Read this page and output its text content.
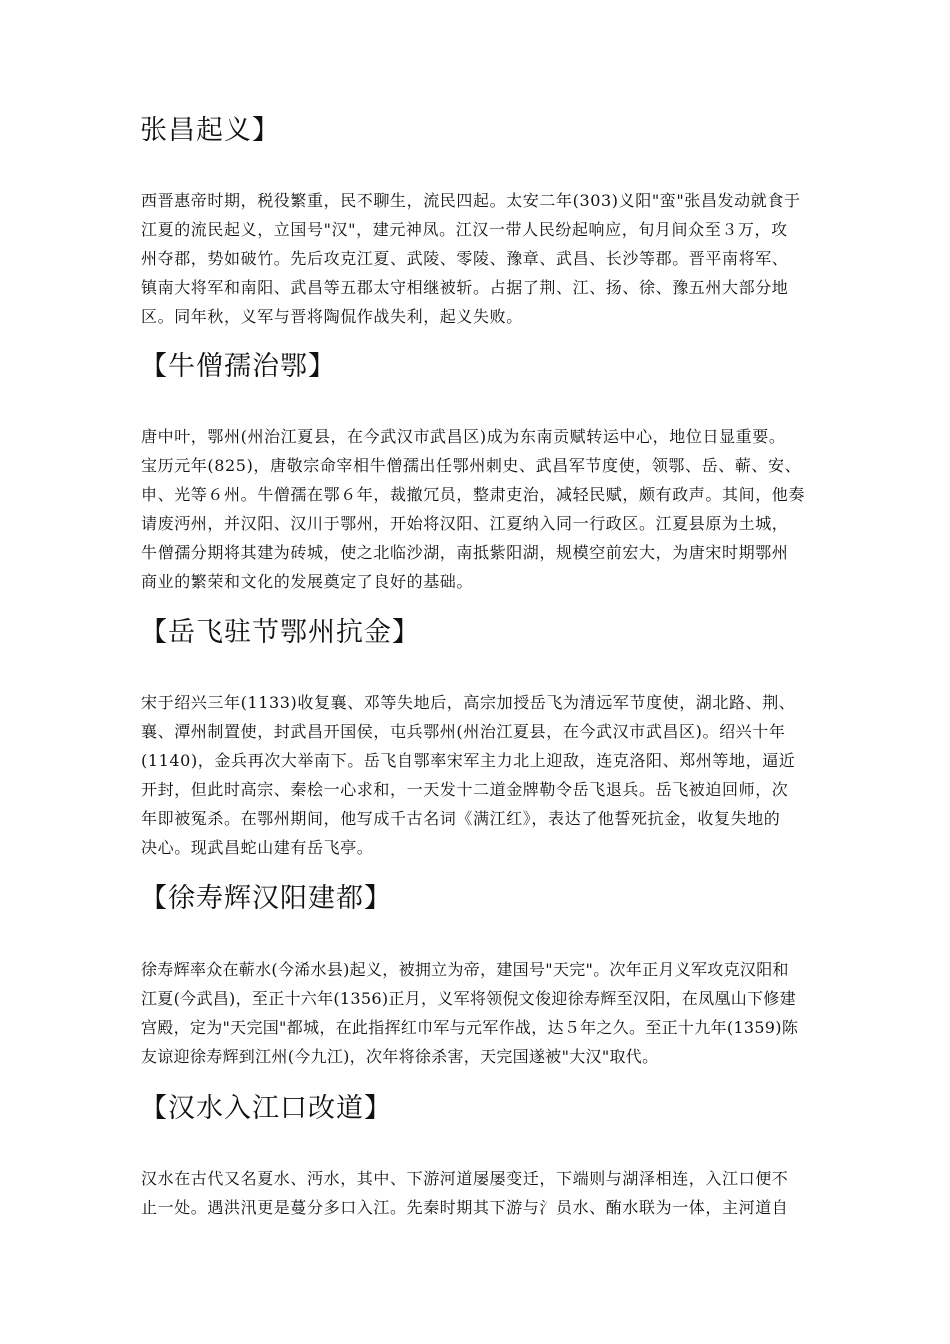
张昌起义】
西晋惠帝时期，税役繁重，民不聊生，流民四起。太安二年(303)义阳"蛮"张昌发动就食于
江夏的流民起义，立国号"汉"，建元神凤。江汉一带人民纷起响应，旬月间众至３万，攻
州夺郡，势如破竹。先后攻克江夏、武陵、零陵、豫章、武昌、长沙等郡。晋平南将军、
镇南大将军和南阳、武昌等五郡太守相继被斩。占据了荆、江、扬、徐、豫五州大部分地
区。同年秋，义军与晋将陶侃作战失利，起义失败。
【牛僧孺治鄂】
唐中叶，鄂州(州治江夏县，在今武汉市武昌区)成为东南贡赋转运中心，地位日显重要。
宝历元年(825)，唐敬宗命宰相牛僧孺出任鄂州刺史、武昌军节度使，领鄂、岳、蕲、安、
申、光等６州。牛僧孺在鄂６年，裁撤冗员，整肃吏治，减轻民赋，颇有政声。其间，他奏
请废沔州，并汉阳、汉川于鄂州，开始将汉阳、江夏纳入同一行政区。江夏县原为土城，
牛僧孺分期将其建为砖城，使之北临沙湖，南抵紫阳湖，规模空前宏大，为唐宋时期鄂州
商业的繁荣和文化的发展奠定了良好的基础。
【岳飞驻节鄂州抗金】
宋于绍兴三年(1133)收复襄、邓等失地后，高宗加授岳飞为清远军节度使，湖北路、荆、
襄、潭州制置使，封武昌开国侯，屯兵鄂州(州治江夏县，在今武汉市武昌区)。绍兴十年
(1140)，金兵再次大举南下。岳飞自鄂率宋军主力北上迎敌，连克洛阳、郑州等地，逼近
开封，但此时高宗、秦桧一心求和，一天发十二道金牌勒令岳飞退兵。岳飞被迫回师，次
年即被冤杀。在鄂州期间，他写成千古名词《满江红》，表达了他誓死抗金，收复失地的
决心。现武昌蛇山建有岳飞亭。
【徐寿辉汉阳建都】
徐寿辉率众在蕲水(今浠水县)起义，被拥立为帝，建国号"天完"。次年正月义军攻克汉阳和
江夏(今武昌)，至正十六年(1356)正月，义军将领倪文俊迎徐寿辉至汉阳，在凤凰山下修建
宫殿，定为"天完国"都城，在此指挥红巾军与元军作战，达５年之久。至正十九年(1359)陈
友谅迎徐寿辉到江州(今九江)，次年将徐杀害，天完国遂被"大汉"取代。
【汉水入江口改道】
汉水在古代又名夏水、沔水，其中、下游河道屡屡变迁，下端则与湖泽相连，入江口便不
止一处。遇洪汛更是蔓分多口入江。先秦时期其下游与氵员水、酭水联为一体，主河道自
